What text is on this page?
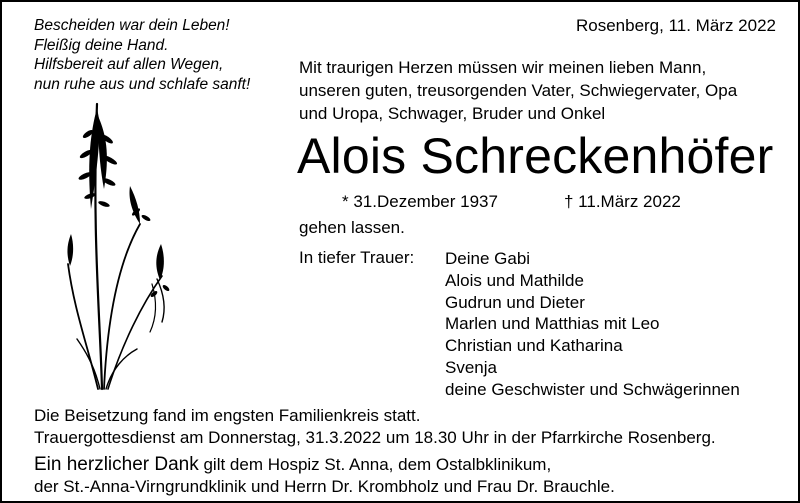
Bescheiden war dein Leben!
Fleißig deine Hand.
Hilfsbereit auf allen Wegen,
nun ruhe aus und schlafe sanft!
Rosenberg, 11. März 2022
Mit traurigen Herzen müssen wir meinen lieben Mann,
unseren guten, treusorgenden Vater, Schwiegervater, Opa
und Uropa, Schwager, Bruder und Onkel
Alois Schreckenhöfer
* 31.Dezember 1937	† 11.März 2022
gehen lassen.
In tiefer Trauer: Deine Gabi
Alois und Mathilde
Gudrun und Dieter
Marlen und Matthias mit Leo
Christian und Katharina
Svenja
deine Geschwister und Schwägerinnen
Die Beisetzung fand im engsten Familienkreis statt.
Trauergottesdienst am Donnerstag, 31.3.2022 um 18.30 Uhr in der Pfarrkirche Rosenberg.
Ein herzlicher Dank gilt dem Hospiz St. Anna, dem Ostalbklinikum,
der St.-Anna-Virngrundklinik und Herrn Dr. Krombholz und Frau Dr. Brauchle.
